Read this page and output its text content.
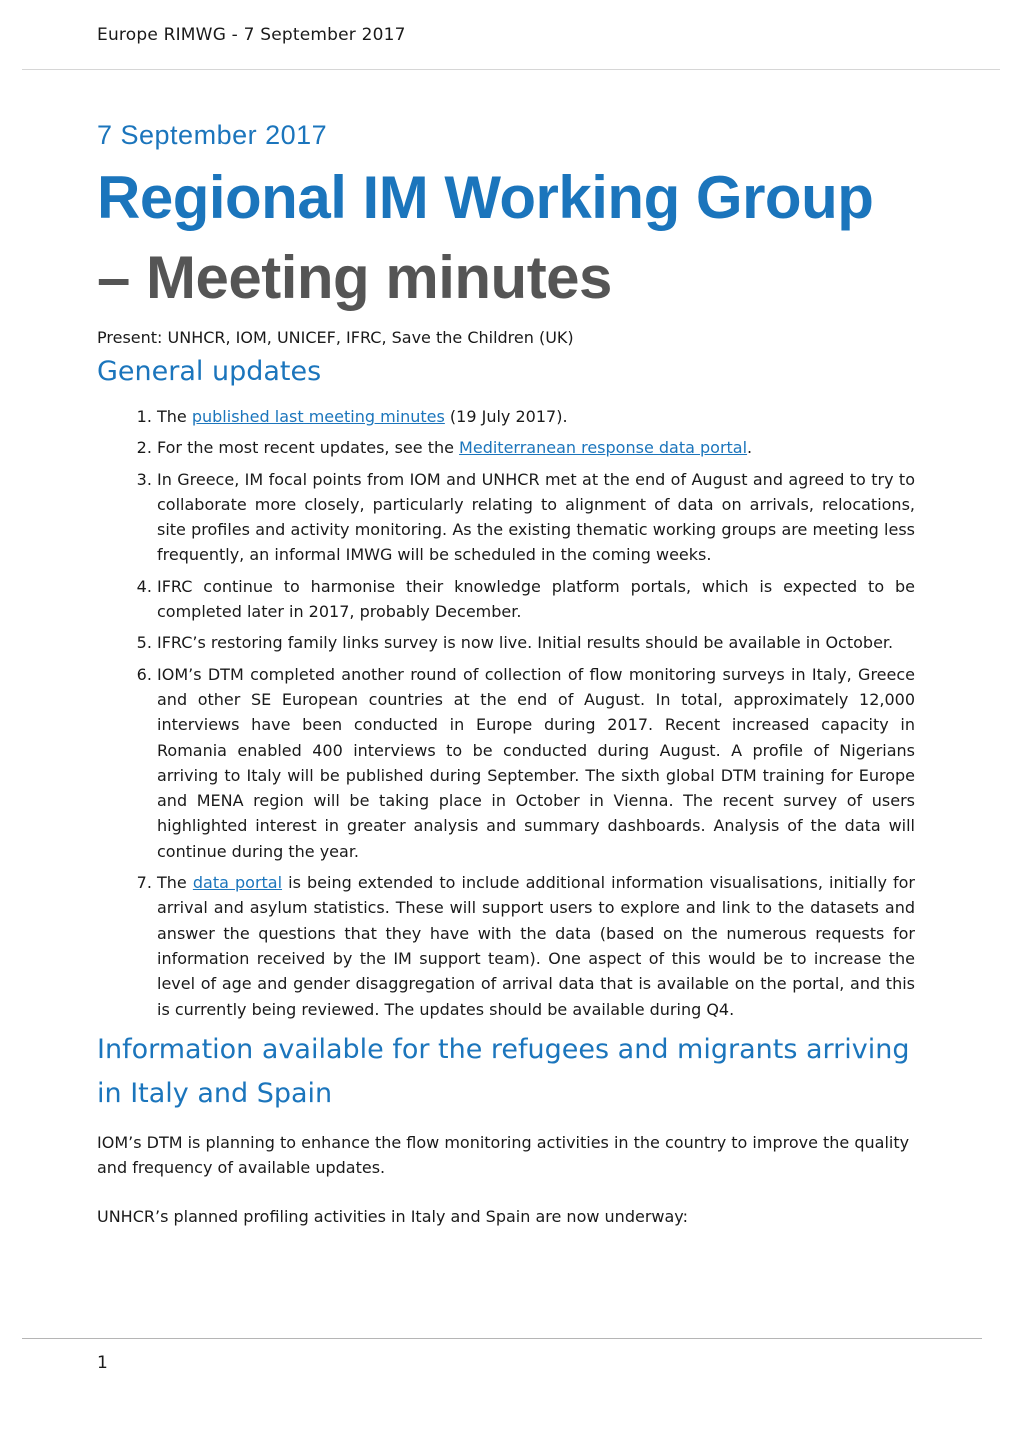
Europe RIMWG - 7 September 2017

7 September 2017

Regional IM Working Group
– Meeting minutes

Present: UNHCR, IOM, UNICEF, IFRC, Save the Children (UK)

General updates
1. The published last meeting minutes (19 July 2017).
2. For the most recent updates, see the Mediterranean response data portal.
3. In Greece, IM focal points from IOM and UNHCR met at the end of August and agreed to try to collaborate more closely, particularly relating to alignment of data on arrivals, relocations, site profiles and activity monitoring. As the existing thematic working groups are meeting less frequently, an informal IMWG will be scheduled in the coming weeks.
4. IFRC continue to harmonise their knowledge platform portals, which is expected to be completed later in 2017, probably December.
5. IFRC’s restoring family links survey is now live. Initial results should be available in October.
6. IOM’s DTM completed another round of collection of flow monitoring surveys in Italy, Greece and other SE European countries at the end of August. In total, approximately 12,000 interviews have been conducted in Europe during 2017. Recent increased capacity in Romania enabled 400 interviews to be conducted during August. A profile of Nigerians arriving to Italy will be published during September. The sixth global DTM training for Europe and MENA region will be taking place in October in Vienna. The recent survey of users highlighted interest in greater analysis and summary dashboards. Analysis of the data will continue during the year.
7. The data portal is being extended to include additional information visualisations, initially for arrival and asylum statistics. These will support users to explore and link to the datasets and answer the questions that they have with the data (based on the numerous requests for information received by the IM support team). One aspect of this would be to increase the level of age and gender disaggregation of arrival data that is available on the portal, and this is currently being reviewed. The updates should be available during Q4.
Information available for the refugees and migrants arriving in Italy and Spain

IOM’s DTM is planning to enhance the flow monitoring activities in the country to improve the quality and frequency of available updates.

UNHCR’s planned profiling activities in Italy and Spain are now underway:

1
